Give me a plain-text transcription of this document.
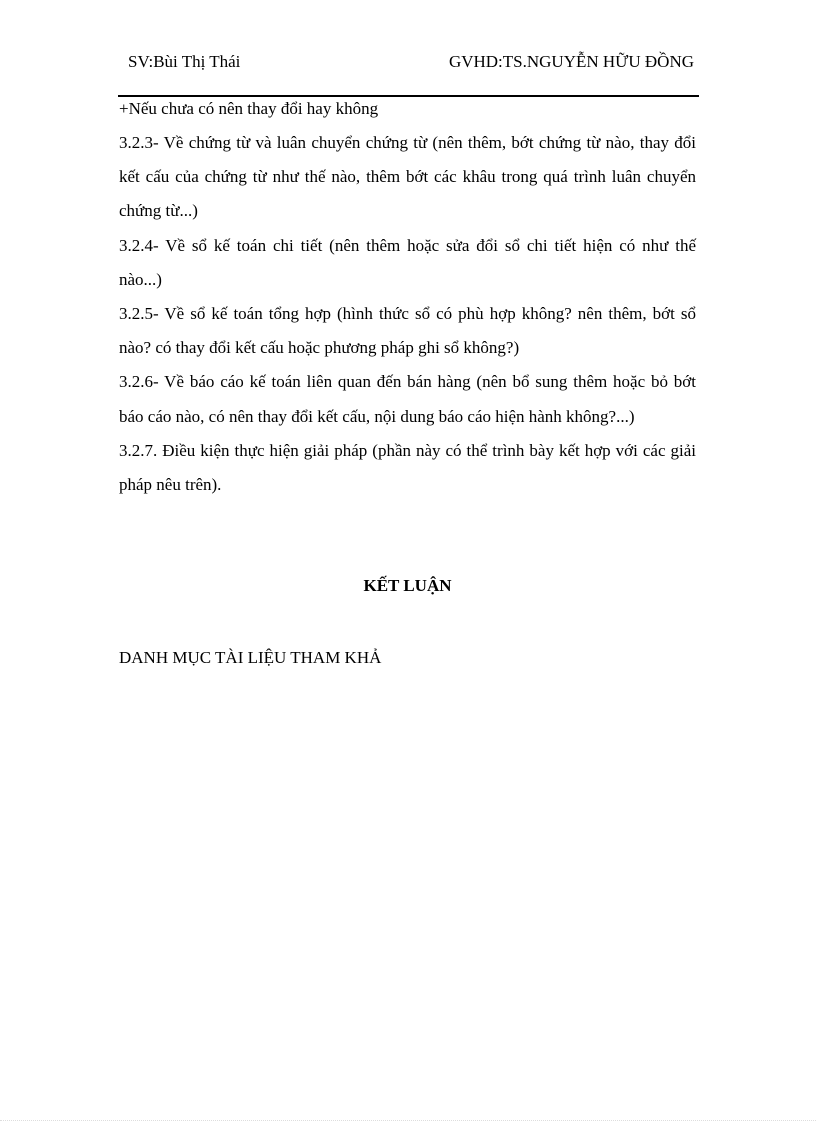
SV:Bùi Thị Thái	GVHD:TS.NGUYỄN HỮU ĐỒNG

+Nếu chưa có nên thay đổi hay không

3.2.3- Về chứng từ và luân chuyển chứng từ (nên thêm, bớt chứng từ nào, thay đổi kết cấu của chứng từ như thế nào, thêm bớt các khâu trong quá trình luân chuyển chứng từ...)

3.2.4- Về sổ kế toán chi tiết (nên thêm hoặc sửa đổi sổ chi tiết hiện có như thế nào...)

3.2.5- Về sổ kế toán tổng hợp (hình thức sổ có phù hợp không? nên thêm, bớt sổ nào? có thay đổi kết cấu hoặc phương pháp ghi sổ không?)

3.2.6- Về báo cáo kế toán liên quan đến bán hàng (nên bổ sung thêm hoặc bỏ bớt báo cáo nào, có nên thay đổi kết cấu, nội dung báo cáo hiện hành không?...)

3.2.7. Điều kiện thực hiện giải pháp (phần này có thể trình bày kết hợp với các giải pháp nêu trên).

KẾT LUẬN
DANH MỤC TÀI LIỆU THAM KHẢ
